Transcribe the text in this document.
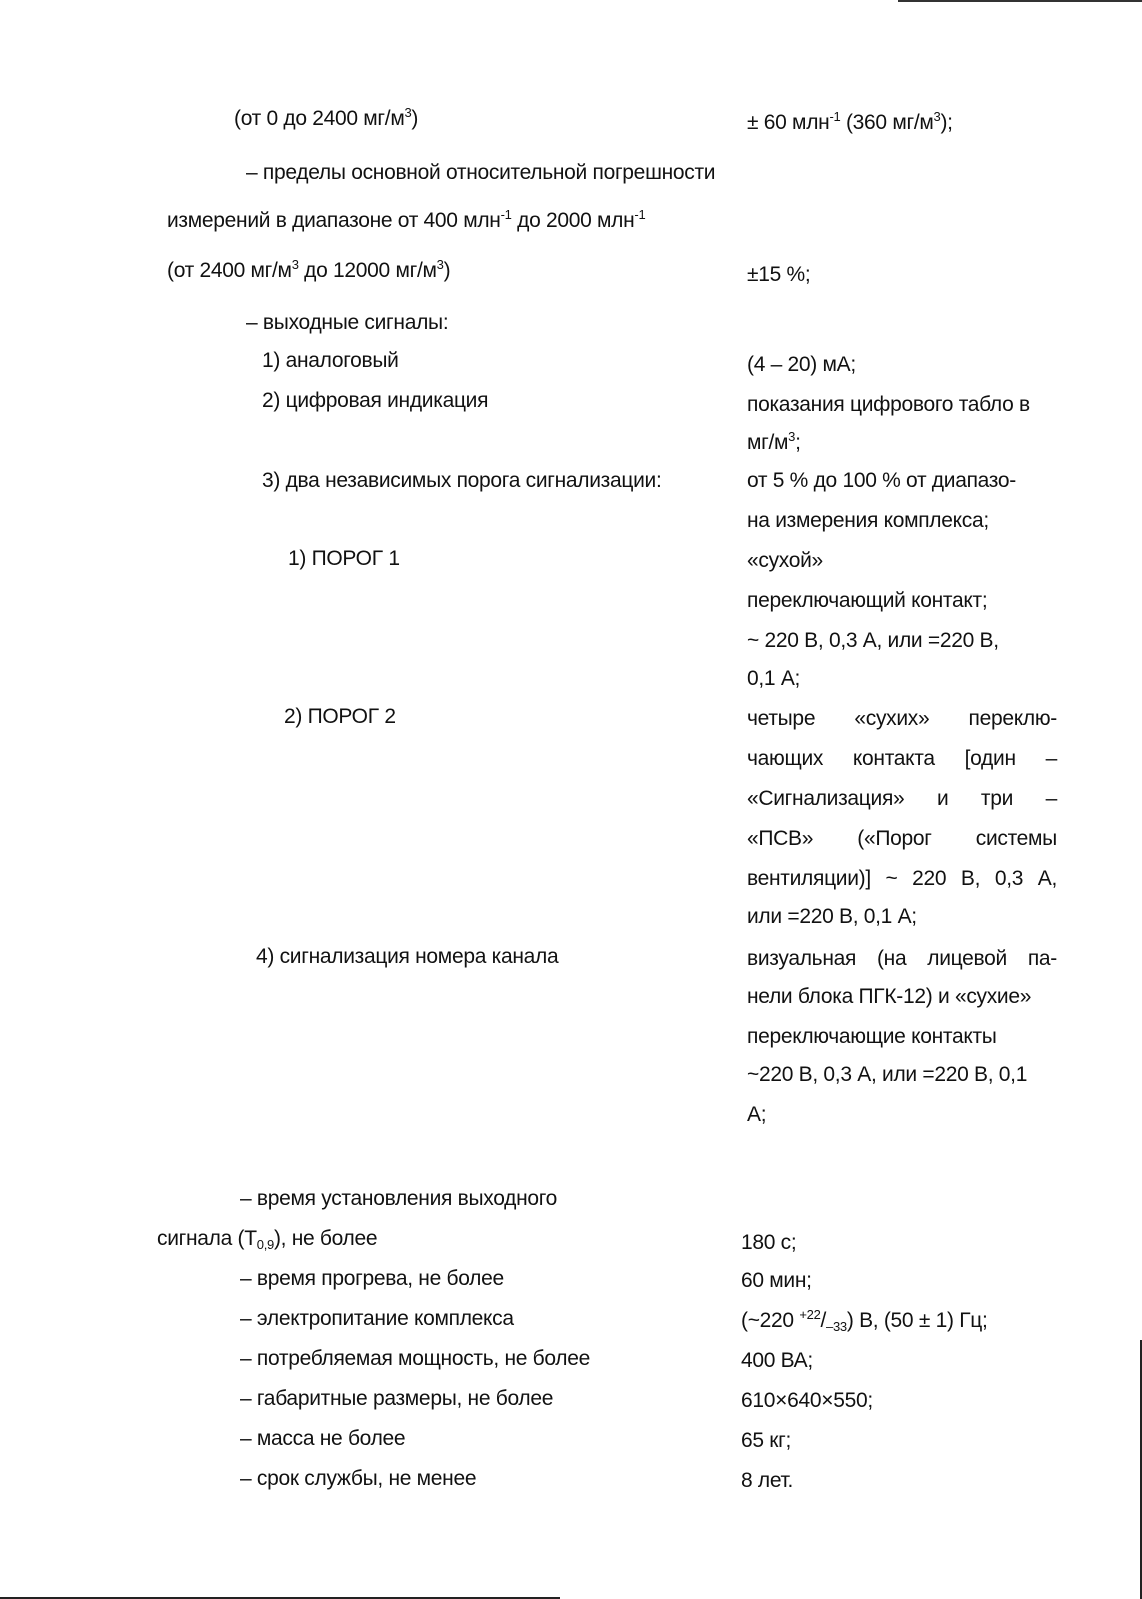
(от 0 до 2400 $мг/м^3$)	± 60 млн$^{-1}$ (360 $мг/м^3$);
– пределы основной относительной погрешности
измерений в диапазоне от 400 млн$^{-1}$ до 2000 млн$^{-1}$
(от 2400 $мг/м^3$ до 12000 $мг/м^3$)	±15 %;
– выходные сигналы:
1) аналоговый	(4 – 20) мА;
2) цифровая индикация	показания цифрового табло в
$мг/м^3$;
3) два независимых порога сигнализации:	от 5 % до 100 % от диапазо-
на измерения комплекса;
1) ПОРОГ 1	«сухой»
переключающий контакт;
~ 220 В, 0,3 А, или =220 В,
0,1 А;
2) ПОРОГ 2	четыре «сухих» переклю-
чающих контакта [один –
«Сигнализация» и три –
«ПСВ» («Порог системы
вентиляции)] ~ 220 В, 0,3 А,
или =220 В, 0,1 А;
4) сигнализация номера канала	визуальная (на лицевой па-
нели блока ПГК-12) и «сухие»
переключающие контакты
~220 В, 0,3 А, или =220 В, 0,1
А;
– время установления выходного
сигнала $(Т_{0,9})$, не более	180 с;
– время прогрева, не более	60 мин;
– электропитание комплекса	(~220 $^{+22}/_{-33}$) В, (50 ± 1) Гц;
– потребляемая мощность, не более	400 ВА;
– габаритные размеры, не более	610×640×550;
– масса не более	65 кг;
– срок службы, не менее	8 лет.
